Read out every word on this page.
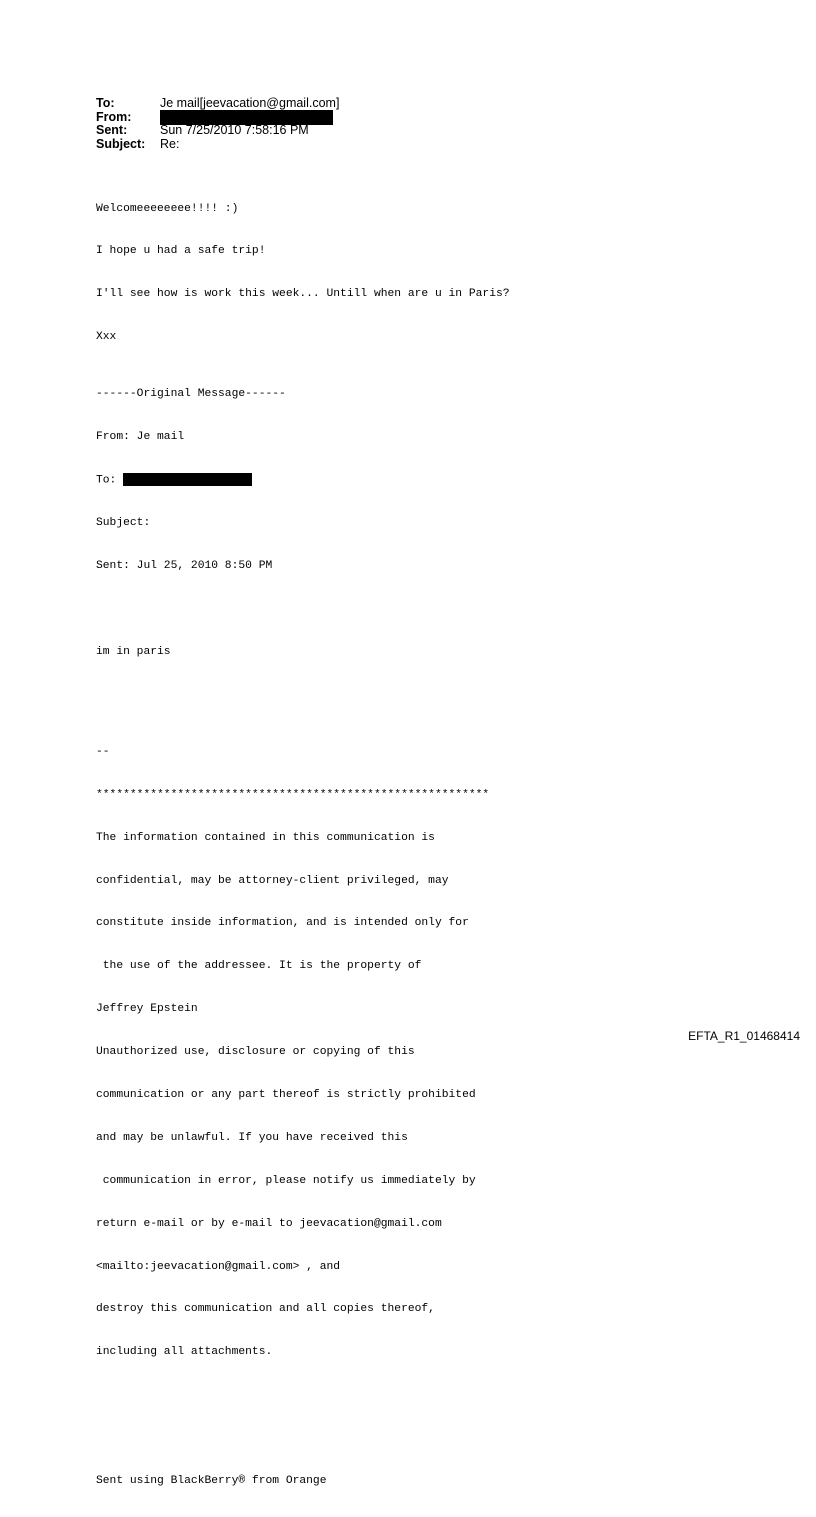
To:	Je mail[jeevacation@gmail.com]
From:
Sent:	Sun 7/25/2010 7:58:16 PM
Subject:	Re:

Welcomeeeeeeee!!!! :)

I hope u had a safe trip!

I'll see how is work this week... Untill when are u in Paris?

Xxx

------Original Message------

From: Je mail

To:

Subject:

Sent: Jul 25, 2010 8:50 PM

im in paris

--

**********************************************************

The information contained in this communication is

confidential, may be attorney-client privileged, may

constitute inside information, and is intended only for

the use of the addressee. It is the property of

Jeffrey Epstein

Unauthorized use, disclosure or copying of this

communication or any part thereof is strictly prohibited

and may be unlawful. If you have received this

communication in error, please notify us immediately by

return e-mail or by e-mail to jeevacation@gmail.com

<mailto:jeevacation@gmail.com> , and

destroy this communication and all copies thereof,

including all attachments.

Sent using BlackBerry® from Orange

EFTA_R1_01468414
